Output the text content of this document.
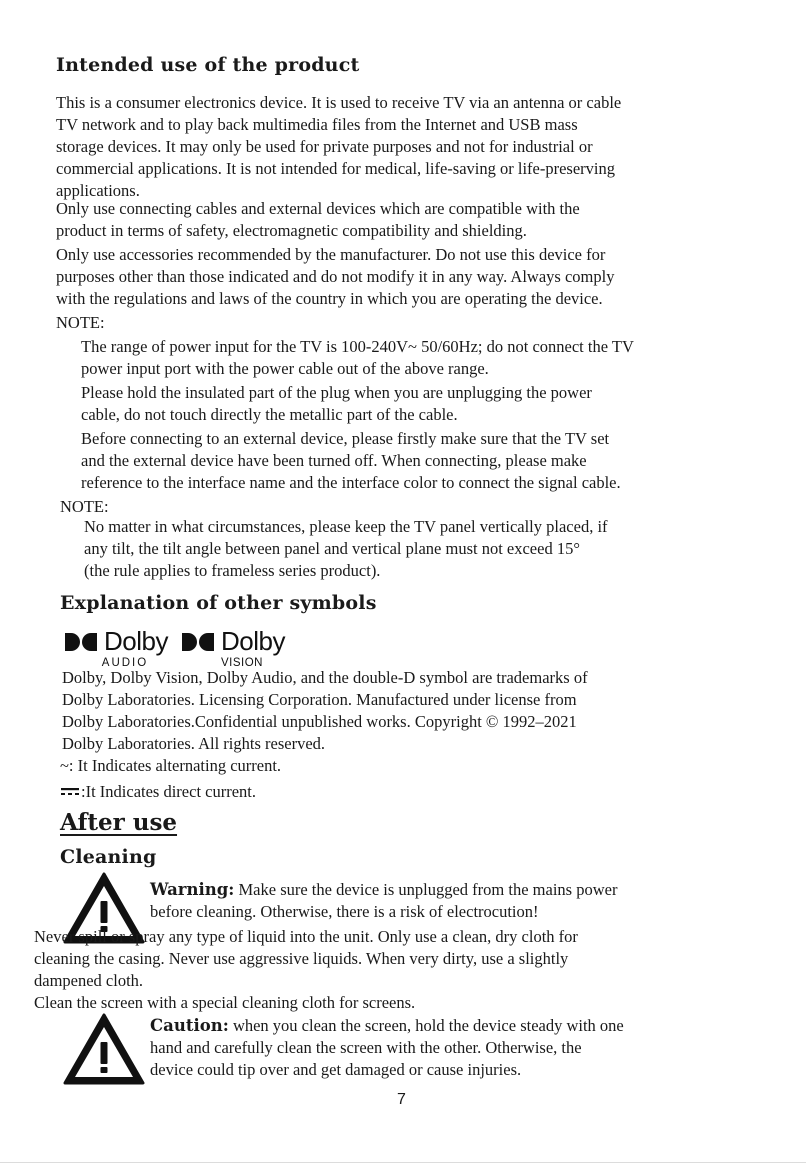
Intended use of the product
This is a consumer electronics device. It is used to receive TV via an antenna or cable
TV network and to play back multimedia files from the Internet and USB mass
storage devices. It may only be used for private purposes and not for industrial or
commercial applications. It is not intended for medical, life-saving or life-preserving
applications.
Only use connecting cables and external devices which are compatible with the
product in terms of safety, electromagnetic compatibility and shielding.
Only use accessories recommended by the manufacturer. Do not use this device for
purposes other than those indicated and do not modify it in any way. Always comply
with the regulations and laws of the country in which you are operating the device.
NOTE:
The range of power input for the TV is 100-240V~ 50/60Hz; do not connect the TV
power input port with the power cable out of the above range.
Please hold the insulated part of the plug when you are unplugging the power
cable, do not touch directly the metallic part of the cable.
Before connecting to an external device, please firstly make sure that the TV set
and the external device have been turned off. When connecting, please make
reference to the interface name and the interface color to connect the signal cable.
NOTE:
No matter in what circumstances, please keep the TV panel vertically placed, if
any tilt, the tilt angle between panel and vertical plane must not exceed 15°
(the rule applies to frameless series product).
Explanation of other symbols
Dolby
AUDIO
Dolby
VISION
Dolby, Dolby Vision, Dolby Audio, and the double-D symbol are trademarks of
Dolby Laboratories. Licensing Corporation. Manufactured under license from
Dolby Laboratories.Confidential unpublished works. Copyright © 1992–2021
Dolby Laboratories. All rights reserved.
~: It Indicates alternating current.
:It Indicates direct current.
After use
Cleaning
Warning: Make sure the device is unplugged from the mains power
before cleaning. Otherwise, there is a risk of electrocution!
Never spill or spray any type of liquid into the unit. Only use a clean, dry cloth for
cleaning the casing. Never use aggressive liquids. When very dirty, use a slightly
dampened cloth.
Clean the screen with a special cleaning cloth for screens.
Caution: when you clean the screen, hold the device steady with one
hand and carefully clean the screen with the other. Otherwise, the
device could tip over and get damaged or cause injuries.
7
